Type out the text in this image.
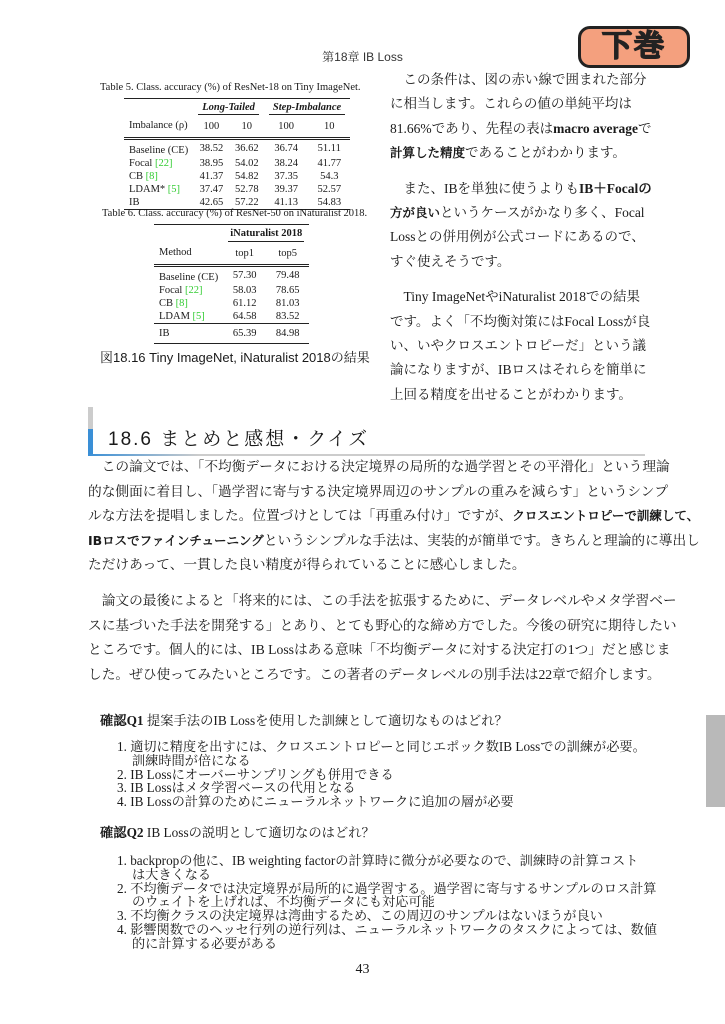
第18章 IB Loss	下巻
Table 5. Class. accuracy (%) of ResNet-18 on Tiny ImageNet.
	Long-Tailed		Step-Imbalance	
Imbalance (ρ)	100	10	100	10
Baseline (CE)	38.52	36.62	36.74	51.11
Focal [22]	38.95	54.02	38.24	41.77
CB [8]	41.37	54.82	37.35	54.3
LDAM* [5]	37.47	52.78	39.37	52.57
IB	42.65	57.22	41.13	54.83
Table 6. Class. accuracy (%) of ResNet-50 on iNaturalist 2018.
	iNaturalist 2018	
Method	top1	top5
Baseline (CE)	57.30	79.48
Focal [22]	58.03	78.65
CB [8]	61.12	81.03
LDAM [5]	64.58	83.52
IB	65.39	84.98
図18.16 Tiny ImageNet, iNaturalist 2018の結果
　この条件は、図の赤い線で囲まれた部分
に相当します。これらの値の単純平均は
81.66%であり、先程の表はmacro averageで
計算した精度であることがわかります。
　また、IBを単独に使うよりもIB＋Focalの
方が良いというケースがかなり多く、Focal
Lossとの併用例が公式コードにあるので、
すぐ使えそうです。
　Tiny ImageNetやiNaturalist 2018での結果
です。よく「不均衡対策にはFocal Lossが良
い、いやクロスエントロピーだ」という議
論になりますが、IBロスはそれらを簡単に
上回る精度を出せることがわかります。
18.6 まとめと感想・クイズ
　この論文では、「不均衡データにおける決定境界の局所的な過学習とその平滑化」という理論
的な側面に着目し、「過学習に寄与する決定境界周辺のサンプルの重みを減らす」というシンプ
ルな方法を提唱しました。位置づけとしては「再重み付け」ですが、クロスエントロピーで訓練して、
IBロスでファインチューニングというシンプルな手法は、実装的が簡単です。きちんと理論的に導出し
ただけあって、一貫した良い精度が得られていることに感心しました。
　論文の最後によると「将来的には、この手法を拡張するために、データレベルやメタ学習ベー
スに基づいた手法を開発する」とあり、とても野心的な締め方でした。今後の研究に期待したい
ところです。個人的には、IB Lossはある意味「不均衡データに対する決定打の1つ」だと感じま
した。ぜひ使ってみたいところです。この著者のデータレベルの別手法は22章で紹介します。
確認Q1 提案手法のIB Lossを使用した訓練として適切なものはどれ？
1. 適切に精度を出すには、クロスエントロピーと同じエポック数IB Lossでの訓練が必要。
訓練時間が倍になる
2. IB Lossにオーバーサンプリングも併用できる
3. IB Lossはメタ学習ベースの代用となる
4. IB Lossの計算のためにニューラルネットワークに追加の層が必要
確認Q2 IB Lossの説明として適切なのはどれ？
1. backpropの他に、IB weighting factorの計算時に微分が必要なので、訓練時の計算コスト
は大きくなる
2. 不均衡データでは決定境界が局所的に過学習する。過学習に寄与するサンプルのロス計算
のウェイトを上げれば、不均衡データにも対応可能
3. 不均衡クラスの決定境界は湾曲するため、この周辺のサンプルはないほうが良い
4. 影響関数でのヘッセ行列の逆行列は、ニューラルネットワークのタスクによっては、数値
的に計算する必要がある
43
